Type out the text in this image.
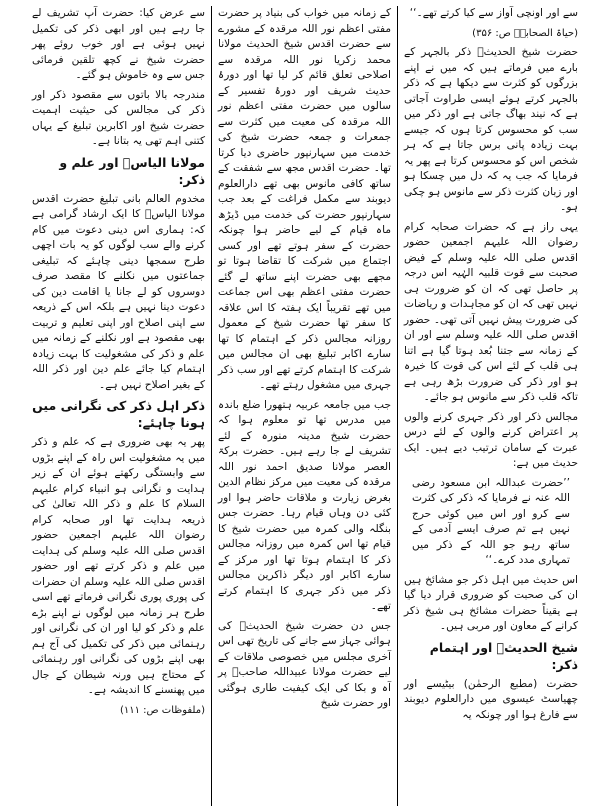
سے اور اونچی آواز سے کیا کرتے تھے۔‘‘

(حیاۃ الصحابہؓ ص: ۳۵۶)

حضرت شیخ الحدیثؒ ذکر بالجہر کے بارے میں فرماتے ہیں کہ میں نے اپنے بزرگوں کو کثرت سے دیکھا ہے کہ ذکر بالجہر کرتے ہوئے ایسی طراوت آجاتی ہے کہ نیند بھاگ جاتی ہے اور ذکر میں سب کو محسوس کرتا ہوں کہ جیسے بہت زیادہ پانی برس جاتا ہے کہ ہر شخص اس کو محسوس کرتا ہے پھر یہ فرمایا کہ جب یہ کہ دل میں چسکا ہو اور زبان کثرت ذکر سے مانوس ہو چکی ہو۔

یہی راز ہے کہ حضرات صحابہ کرام رضوان اللہ علیہم اجمعین حضور اقدس صلی اللہ علیہ وسلم کے فیض صحبت سے قوت قلبیہ الہٰیہ اس درجہ پر حاصل تھی کہ ان کو ضرورت ہی نہیں تھی کہ ان کو مجاہدات و ریاضات کی ضرورت پیش نہیں آتی تھی۔ حضور اقدس صلی اللہ علیہ وسلم سے اور ان کے زمانہ سے جتنا بُعد ہوتا گیا ہے اتنا ہی قلب کے لئے اس کی قوت کا خیرہ ہو اور ذکر کی ضرورت بڑھ رہی ہے تاکہ قلب ذکر سے مانوس ہو جائے۔

مجالس ذکر اور ذکر جہری کرنے والوں پر اعتراض کرنے والوں کے لئے درس عبرت کے سامان ترتیب دیے ہیں۔ ایک حدیث میں ہے:

’’حضرت عبداللہ ابن مسعود رضی اللہ عنہ نے فرمایا کہ ذکر کی کثرت سے کرو اور اس میں کوئی حرج نہیں ہے تم صرف ایسے آدمی کے ساتھ رہو جو اللہ کے ذکر میں تمہاری مدد کرے۔‘‘

اس حدیث میں اہل ذکر جو مشائخ ہیں ان کی صحبت کو ضروری قرار دیا گیا ہے یقیناً حضرات مشائخ ہی شیخ ذکر کرانے کے معاون اور مربی ہیں۔

شیخ الحدیثؒ اور اہتمام ذکر:

حضرت (مطبع الرحمٰن) بیٹیسے اور چھیاسٹ عیسوی میں دارالعلوم دیوبند سے فارغ ہوا اور چونکہ یہ

کے زمانہ میں خواب کی بنیاد پر حضرت مفتی اعظم نور اللہ مرقدہ کے مشورے سے حضرت اقدس شیخ الحدیث مولانا محمد زکریا نور اللہ مرقدہ سے اصلاحی تعلق قائم کر لیا تھا اور دورۂ حدیث شریف اور دورۂ تفسیر کے سالوں میں حضرت مفتی اعظم نور اللہ مرقدہ کی معیت میں کثرت سے جمعرات و جمعہ حضرت شیخ کی خدمت میں سہارنپور حاضری دیا کرتا تھا۔ حضرت اقدس مجھ سے شفقت کے ساتھ کافی مانوس بھی تھے دارالعلوم دیوبند سے مکمل فراغت کے بعد جب سہارنپور حضرت کی خدمت میں ڈیڑھ ماہ قیام کے لیے حاضر ہوا چونکہ حضرت کے سفر ہوتے تھے اور کسی اجتماع میں شرکت کا تقاضا ہوتا تو مجھے بھی حضرت اپنے ساتھ لے گئے حضرت مفتی اعظم بھی اس جماعت میں تھے تقریباً ایک ہفتہ کا اس علاقہ کا سفر تھا حضرت شیخ کے معمول روزانہ مجالس ذکر کے اہتمام کا تھا سارے اکابر تبلیغ بھی ان مجالس میں شرکت کا اہتمام کرتے تھے اور سب ذکر جہری میں مشغول رہتے تھے۔

جب میں جامعہ عربیہ ہتھورا ضلع باندہ میں مدرس تھا تو معلوم ہوا کہ حضرت شیخ مدینہ منورہ کے لئے تشریف لے جا رہے ہیں۔ حضرت برکۃ العصر مولانا صدیق احمد نور اللہ مرقدہ کی معیت میں مرکز نظام الدین بغرض زیارت و ملاقات حاضر ہوا اور کئی دن وہاں قیام رہا۔ حضرت جس بنگلہ والی کمرہ میں حضرت شیخ کا قیام تھا اس کمرہ میں روزانہ مجالس ذکر کا اہتمام ہوتا تھا اور مرکز کے سارے اکابر اور دیگر ذاکرین مجالس ذکر میں ذکر جہری کا اہتمام کرتے تھے۔

جس دن حضرت شیخ الحدیثؒ کی ہوائی جہاز سے جانے کی تاریخ تھی اس آخری مجلس میں خصوصی ملاقات کے لیے حضرت مولانا عبیداللہ صاحبؒ پر آہ و بکا کی ایک کیفیت طاری ہوگئی اور حضرت شیخ

سے عرض کیا: حضرت آپ تشریف لے جا رہے ہیں اور ابھی ذکر کی تکمیل نہیں ہوئی ہے اور خوب روئے پھر حضرت شیخ نے کچھ تلقین فرمائی جس سے وہ خاموش ہو گئے۔

مندرجہ بالا باتوں سے مقصود ذکر اور ذکر کی مجالس کی حیثیت اہمیت حضرت شیخ اور اکابرین تبلیغ کے یہاں کتنی اہم تھی یہ بتانا ہے۔

مولانا الیاسؒ اور علم و ذکر:

مخدوم العالم بانی تبلیغ حضرت اقدس مولانا الیاسؒ کا ایک ارشاد گرامی ہے کہ: ہماری اس دینی دعوت میں کام کرنے والے سب لوگوں کو یہ بات اچھی طرح سمجھا دینی چاہئے کہ تبلیغی جماعتوں میں نکلنے کا مقصد صرف دوسروں کو لے جانا یا اقامت دین کی دعوت دینا نہیں ہے بلکہ اس کے ذریعہ سے اپنی اصلاح اور اپنی تعلیم و تربیت بھی مقصود ہے اور نکلنے کے زمانہ میں علم و ذکر کی مشغولیت کا بہت زیادہ اہتمام کیا جائے علم دین اور ذکر اللہ کے بغیر اصلاح نہیں ہے۔

ذکر اہل ذکر کی نگرانی میں ہونا چاہئے:

پھر یہ بھی ضروری ہے کہ علم و ذکر میں یہ مشغولیت اس راہ کے اپنے بڑوں سے وابستگی رکھتے ہوئے ان کے زیر ہدایت و نگرانی ہو انبیاء کرام علیہم السلام کا علم و ذکر اللہ تعالیٰ کی ذریعہ ہدایت تھا اور صحابہ کرام رضوان اللہ علیہم اجمعین حضور اقدس صلی اللہ علیہ وسلم کی ہدایت میں علم و ذکر کرتے تھے اور حضور اقدس صلی اللہ علیہ وسلم ان حضرات کی پوری پوری نگرانی فرماتے تھے اسی طرح ہر زمانہ میں لوگوں نے اپنے بڑے علم و ذکر کو لیا اور ان کی نگرانی اور رہنمائی میں ذکر کی تکمیل کی آج ہم بھی اپنے بڑوں کی نگرانی اور رہنمائی کے محتاج ہیں ورنہ شیطان کے جال میں پھنسنے کا اندیشہ ہے۔

(ملفوظات ص: ۱۱۱)
